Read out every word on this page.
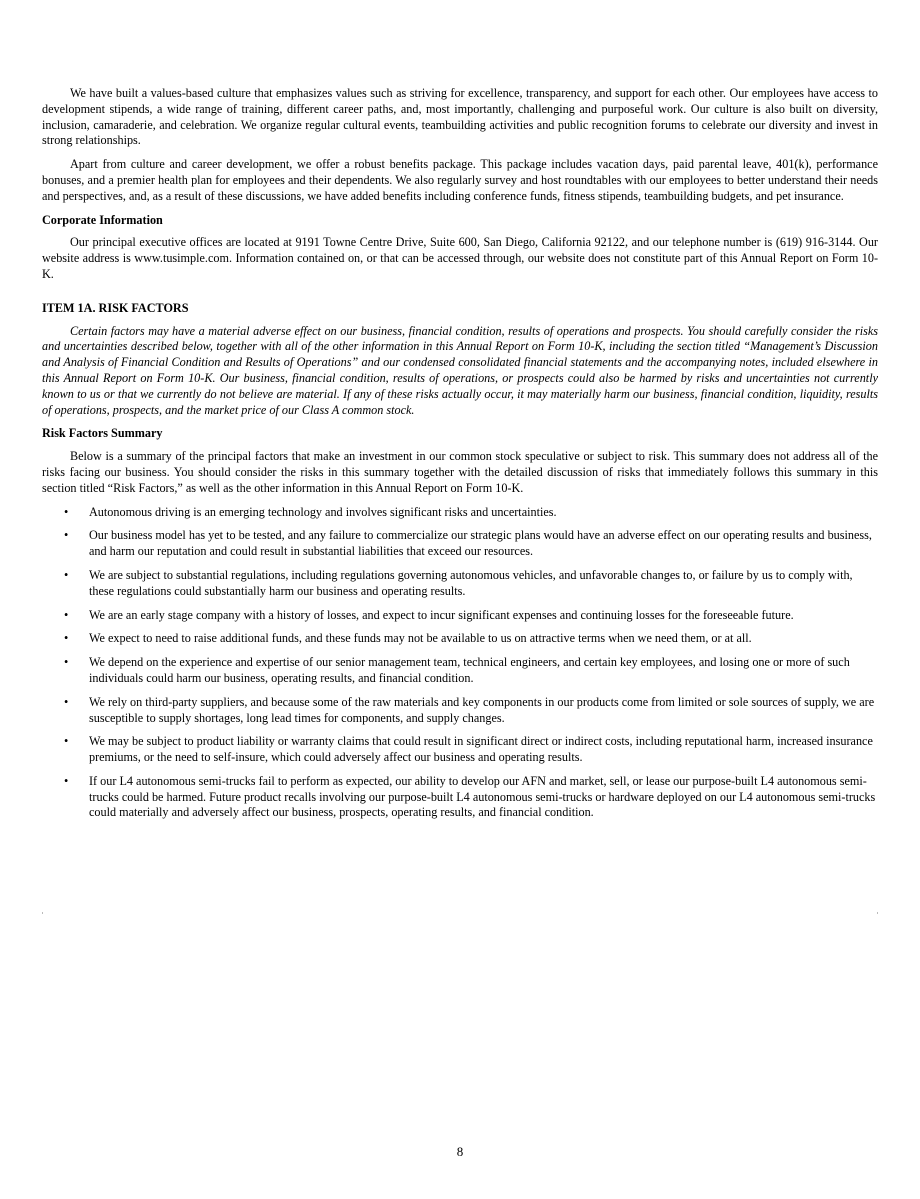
We have built a values-based culture that emphasizes values such as striving for excellence, transparency, and support for each other. Our employees have access to development stipends, a wide range of training, different career paths, and, most importantly, challenging and purposeful work. Our culture is also built on diversity, inclusion, camaraderie, and celebration. We organize regular cultural events, teambuilding activities and public recognition forums to celebrate our diversity and invest in strong relationships.

Apart from culture and career development, we offer a robust benefits package. This package includes vacation days, paid parental leave, 401(k), performance bonuses, and a premier health plan for employees and their dependents. We also regularly survey and host roundtables with our employees to better understand their needs and perspectives, and, as a result of these discussions, we have added benefits including conference funds, fitness stipends, teambuilding budgets, and pet insurance.

Corporate Information

Our principal executive offices are located at 9191 Towne Centre Drive, Suite 600, San Diego, California 92122, and our telephone number is (619) 916-3144. Our website address is www.tusimple.com. Information contained on, or that can be accessed through, our website does not constitute part of this Annual Report on Form 10-K.

ITEM 1A. RISK FACTORS

Certain factors may have a material adverse effect on our business, financial condition, results of operations and prospects. You should carefully consider the risks and uncertainties described below, together with all of the other information in this Annual Report on Form 10-K, including the section titled “Management’s Discussion and Analysis of Financial Condition and Results of Operations” and our condensed consolidated financial statements and the accompanying notes, included elsewhere in this Annual Report on Form 10-K. Our business, financial condition, results of operations, or prospects could also be harmed by risks and uncertainties not currently known to us or that we currently do not believe are material. If any of these risks actually occur, it may materially harm our business, financial condition, liquidity, results of operations, prospects, and the market price of our Class A common stock.

Risk Factors Summary

Below is a summary of the principal factors that make an investment in our common stock speculative or subject to risk. This summary does not address all of the risks facing our business. You should consider the risks in this summary together with the detailed discussion of risks that immediately follows this summary in this section titled “Risk Factors,” as well as the other information in this Annual Report on Form 10-K.

• Autonomous driving is an emerging technology and involves significant risks and uncertainties.
• Our business model has yet to be tested, and any failure to commercialize our strategic plans would have an adverse effect on our operating results and business, and harm our reputation and could result in substantial liabilities that exceed our resources.
• We are subject to substantial regulations, including regulations governing autonomous vehicles, and unfavorable changes to, or failure by us to comply with, these regulations could substantially harm our business and operating results.
• We are an early stage company with a history of losses, and expect to incur significant expenses and continuing losses for the foreseeable future.
• We expect to need to raise additional funds, and these funds may not be available to us on attractive terms when we need them, or at all.
• We depend on the experience and expertise of our senior management team, technical engineers, and certain key employees, and losing one or more of such individuals could harm our business, operating results, and financial condition.
• We rely on third-party suppliers, and because some of the raw materials and key components in our products come from limited or sole sources of supply, we are susceptible to supply shortages, long lead times for components, and supply changes.
• We may be subject to product liability or warranty claims that could result in significant direct or indirect costs, including reputational harm, increased insurance premiums, or the need to self-insure, which could adversely affect our business and operating results.
• If our L4 autonomous semi-trucks fail to perform as expected, our ability to develop our AFN and market, sell, or lease our purpose-built L4 autonomous semi-trucks could be harmed. Future product recalls involving our purpose-built L4 autonomous semi-trucks or hardware deployed on our L4 autonomous semi-trucks could materially and adversely affect our business, prospects, operating results, and financial condition.
8
